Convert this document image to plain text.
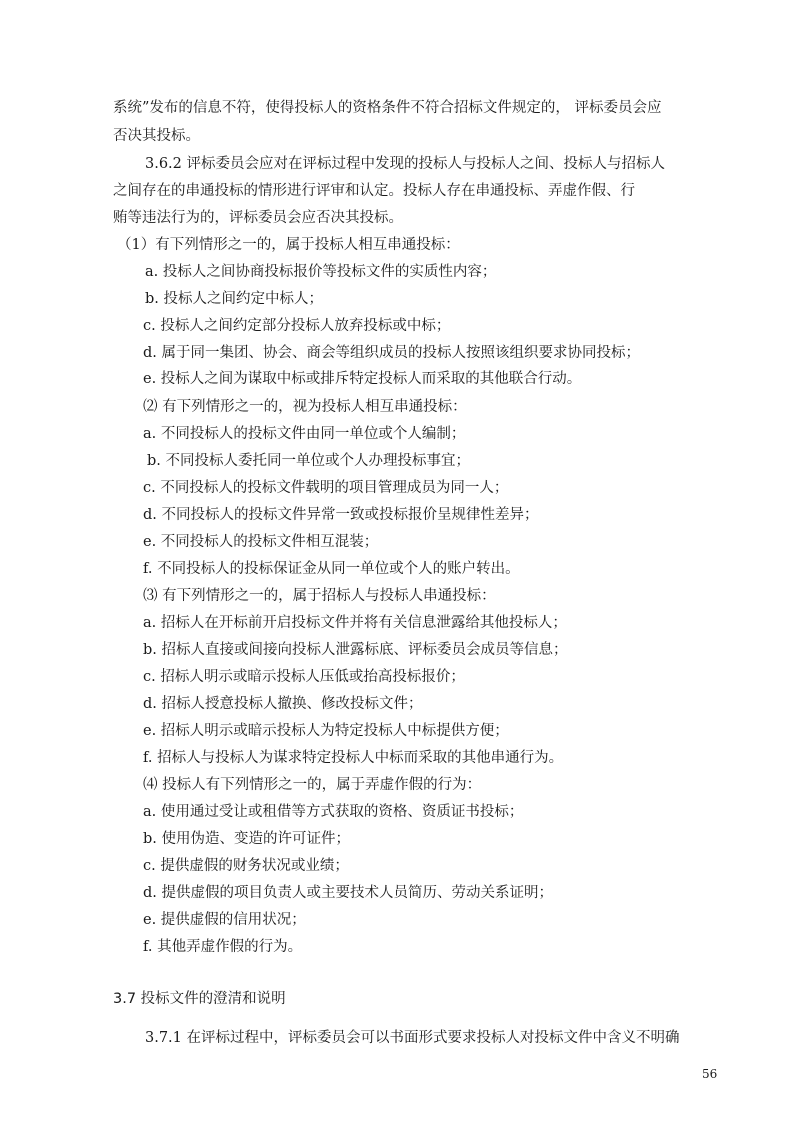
系统”发布的信息不符，使得投标人的资格条件不符合招标文件规定的， 评标委员会应

否决其投标。

3.6.2 评标委员会应对在评标过程中发现的投标人与投标人之间、投标人与招标人

之间存在的串通投标的情形进行评审和认定。投标人存在串通投标、弄虚作假、行

贿等违法行为的，评标委员会应否决其投标。

（1）有下列情形之一的，属于投标人相互串通投标：

a. 投标人之间协商投标报价等投标文件的实质性内容；

b. 投标人之间约定中标人；

c. 投标人之间约定部分投标人放弃投标或中标；

d. 属于同一集团、协会、商会等组织成员的投标人按照该组织要求协同投标；

e. 投标人之间为谋取中标或排斥特定投标人而采取的其他联合行动。

⑵ 有下列情形之一的，视为投标人相互串通投标：

a. 不同投标人的投标文件由同一单位或个人编制；

b. 不同投标人委托同一单位或个人办理投标事宜；

c. 不同投标人的投标文件载明的项目管理成员为同一人；

d. 不同投标人的投标文件异常一致或投标报价呈规律性差异；

e. 不同投标人的投标文件相互混装；

f. 不同投标人的投标保证金从同一单位或个人的账户转出。

⑶ 有下列情形之一的，属于招标人与投标人串通投标：

a. 招标人在开标前开启投标文件并将有关信息泄露给其他投标人；

b. 招标人直接或间接向投标人泄露标底、评标委员会成员等信息；

c. 招标人明示或暗示投标人压低或抬高投标报价；

d. 招标人授意投标人撤换、修改投标文件；

e. 招标人明示或暗示投标人为特定投标人中标提供方便；

f. 招标人与投标人为谋求特定投标人中标而采取的其他串通行为。

⑷ 投标人有下列情形之一的，属于弄虚作假的行为：

a. 使用通过受让或租借等方式获取的资格、资质证书投标；

b. 使用伪造、变造的许可证件；

c. 提供虚假的财务状况或业绩；

d. 提供虚假的项目负责人或主要技术人员简历、劳动关系证明；

e. 提供虚假的信用状况；

f. 其他弄虚作假的行为。

3.7 投标文件的澄清和说明

3.7.1 在评标过程中，评标委员会可以书面形式要求投标人对投标文件中含义不明确

56
